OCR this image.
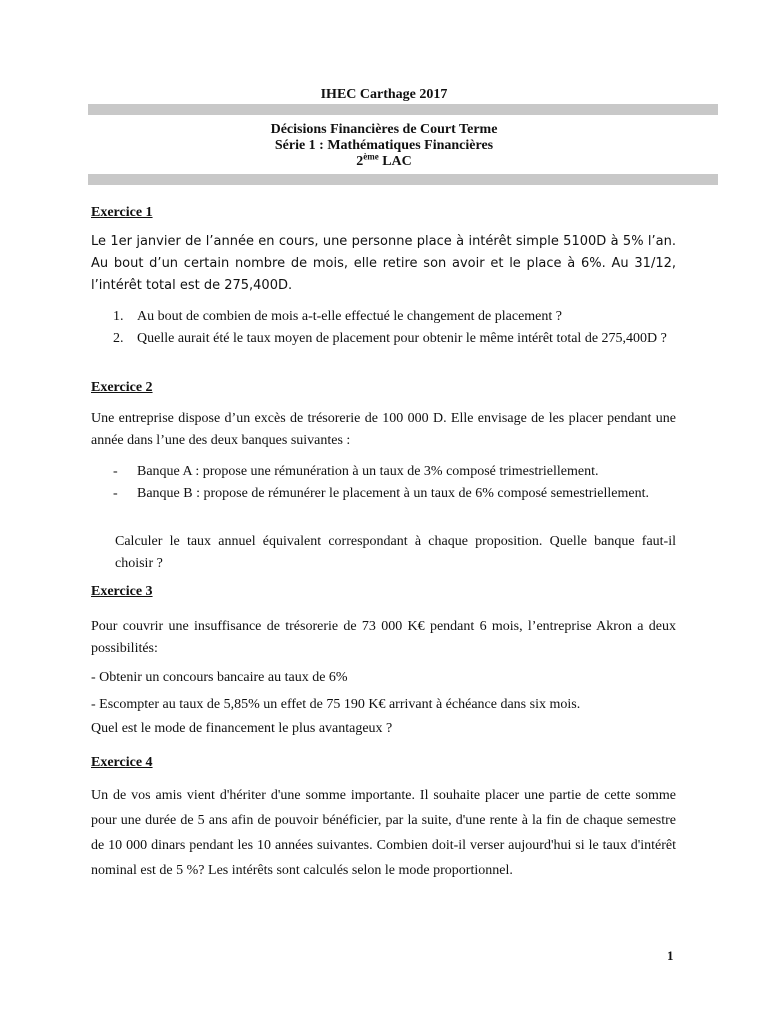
IHEC Carthage 2017
Décisions Financières de Court Terme
Série 1 : Mathématiques Financières
2ème LAC
Exercice 1
Le 1er janvier de l’année en cours, une personne place à intérêt simple 5100D à 5% l’an. Au bout d’un certain nombre de mois, elle retire son avoir et le place à 6%. Au 31/12, l’intérêt total est de 275,400D.
1. Au bout de combien de mois a-t-elle effectué le changement de placement ?
2. Quelle aurait été le taux moyen de placement pour obtenir le même intérêt total de 275,400D ?
Exercice 2
Une entreprise dispose d’un excès de trésorerie de 100 000 D. Elle envisage de les placer pendant une année dans l’une des deux banques suivantes :
-	Banque A : propose une rémunération à un taux de 3% composé trimestriellement.
-	Banque B : propose de rémunérer le placement à un taux de 6% composé semestriellement.
Calculer le taux annuel équivalent correspondant à chaque proposition. Quelle banque faut-il choisir ?
Exercice 3
Pour couvrir une insuffisance de trésorerie de 73 000 K€ pendant 6 mois, l’entreprise Akron a deux possibilités:
- Obtenir un concours bancaire au taux de 6%
- Escompter au taux de 5,85% un effet de 75 190 K€ arrivant à échéance dans six mois.
Quel est le mode de financement le plus avantageux ?
Exercice 4
Un de vos amis vient d'hériter d'une somme importante. Il souhaite placer une partie de cette somme pour une durée de 5 ans afin de pouvoir bénéficier, par la suite, d'une rente à la fin de chaque semestre de 10 000 dinars pendant les 10 années suivantes. Combien doit-il verser aujourd'hui si le taux d'intérêt nominal est de 5 %? Les intérêts sont calculés selon le mode proportionnel.
1
